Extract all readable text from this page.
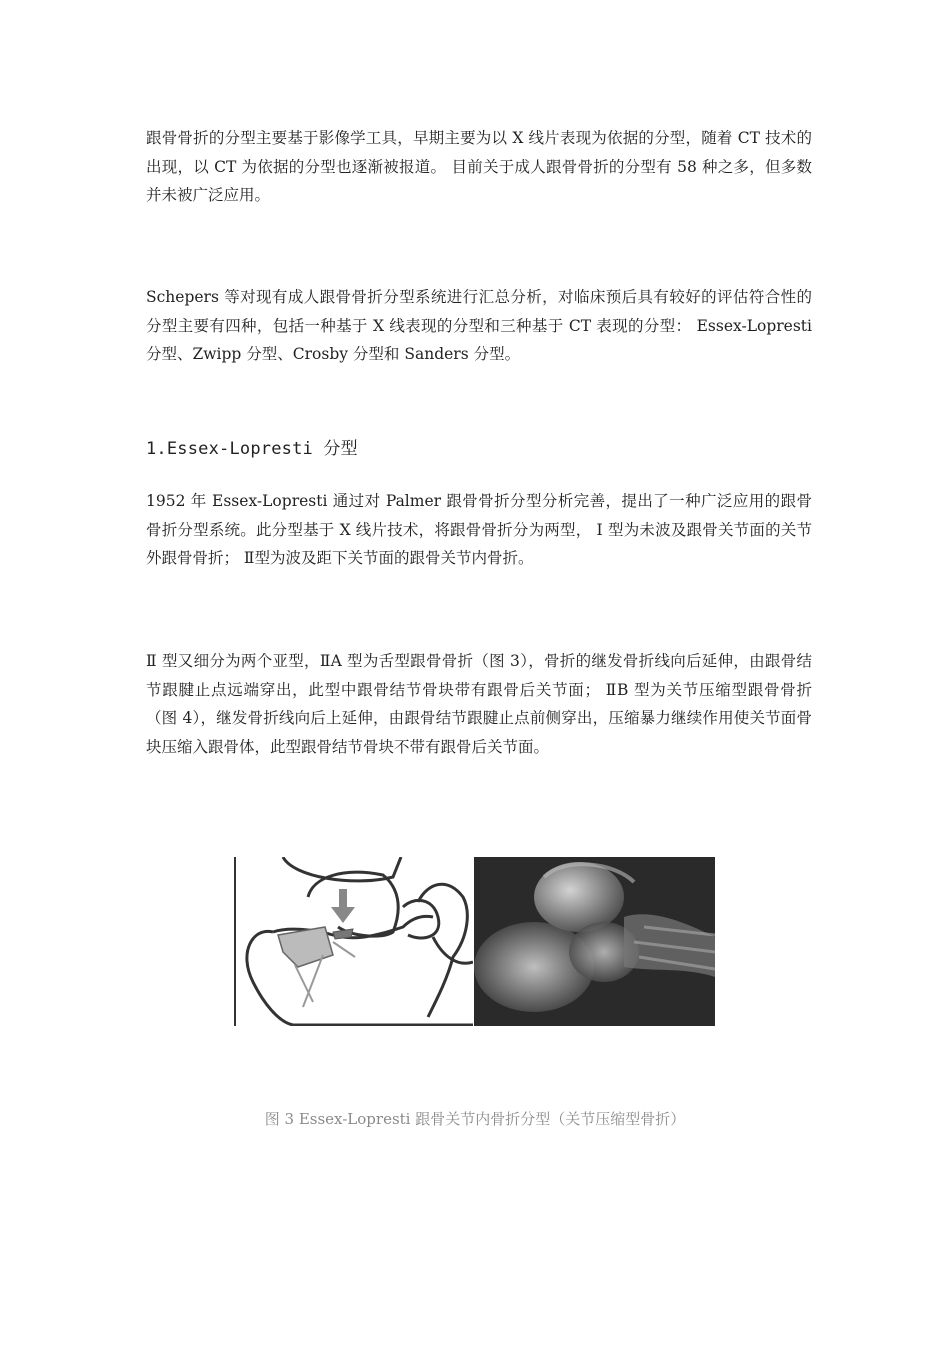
跟骨骨折的分型主要基于影像学工具，早期主要为以 X 线片表现为依据的分型，随着 CT 技术的出现，以 CT 为依据的分型也逐渐被报道。 目前关于成人跟骨骨折的分型有 58 种之多，但多数并未被广泛应用。

Schepers 等对现有成人跟骨骨折分型系统进行汇总分析，对临床预后具有较好的评估符合性的分型主要有四种，包括一种基于 X 线表现的分型和三种基于 CT 表现的分型： Essex-Lopresti 分型、Zwipp 分型、Crosby 分型和 Sanders 分型。

1.Essex-Lopresti 分型

1952 年 Essex-Lopresti 通过对 Palmer 跟骨骨折分型分析完善，提出了一种广泛应用的跟骨骨折分型系统。此分型基于 X 线片技术，将跟骨骨折分为两型， Ⅰ 型为未波及跟骨关节面的关节外跟骨骨折； Ⅱ型为波及距下关节面的跟骨关节内骨折。

Ⅱ 型又细分为两个亚型，ⅡA 型为舌型跟骨骨折（图 3），骨折的继发骨折线向后延伸，由跟骨结节跟腱止点远端穿出，此型中跟骨结节骨块带有跟骨后关节面； ⅡB 型为关节压缩型跟骨骨折（图 4），继发骨折线向后上延伸，由跟骨结节跟腱止点前侧穿出，压缩暴力继续作用使关节面骨块压缩入跟骨体，此型跟骨结节骨块不带有跟骨后关节面。

图 3 Essex-Lopresti 跟骨关节内骨折分型（关节压缩型骨折）
